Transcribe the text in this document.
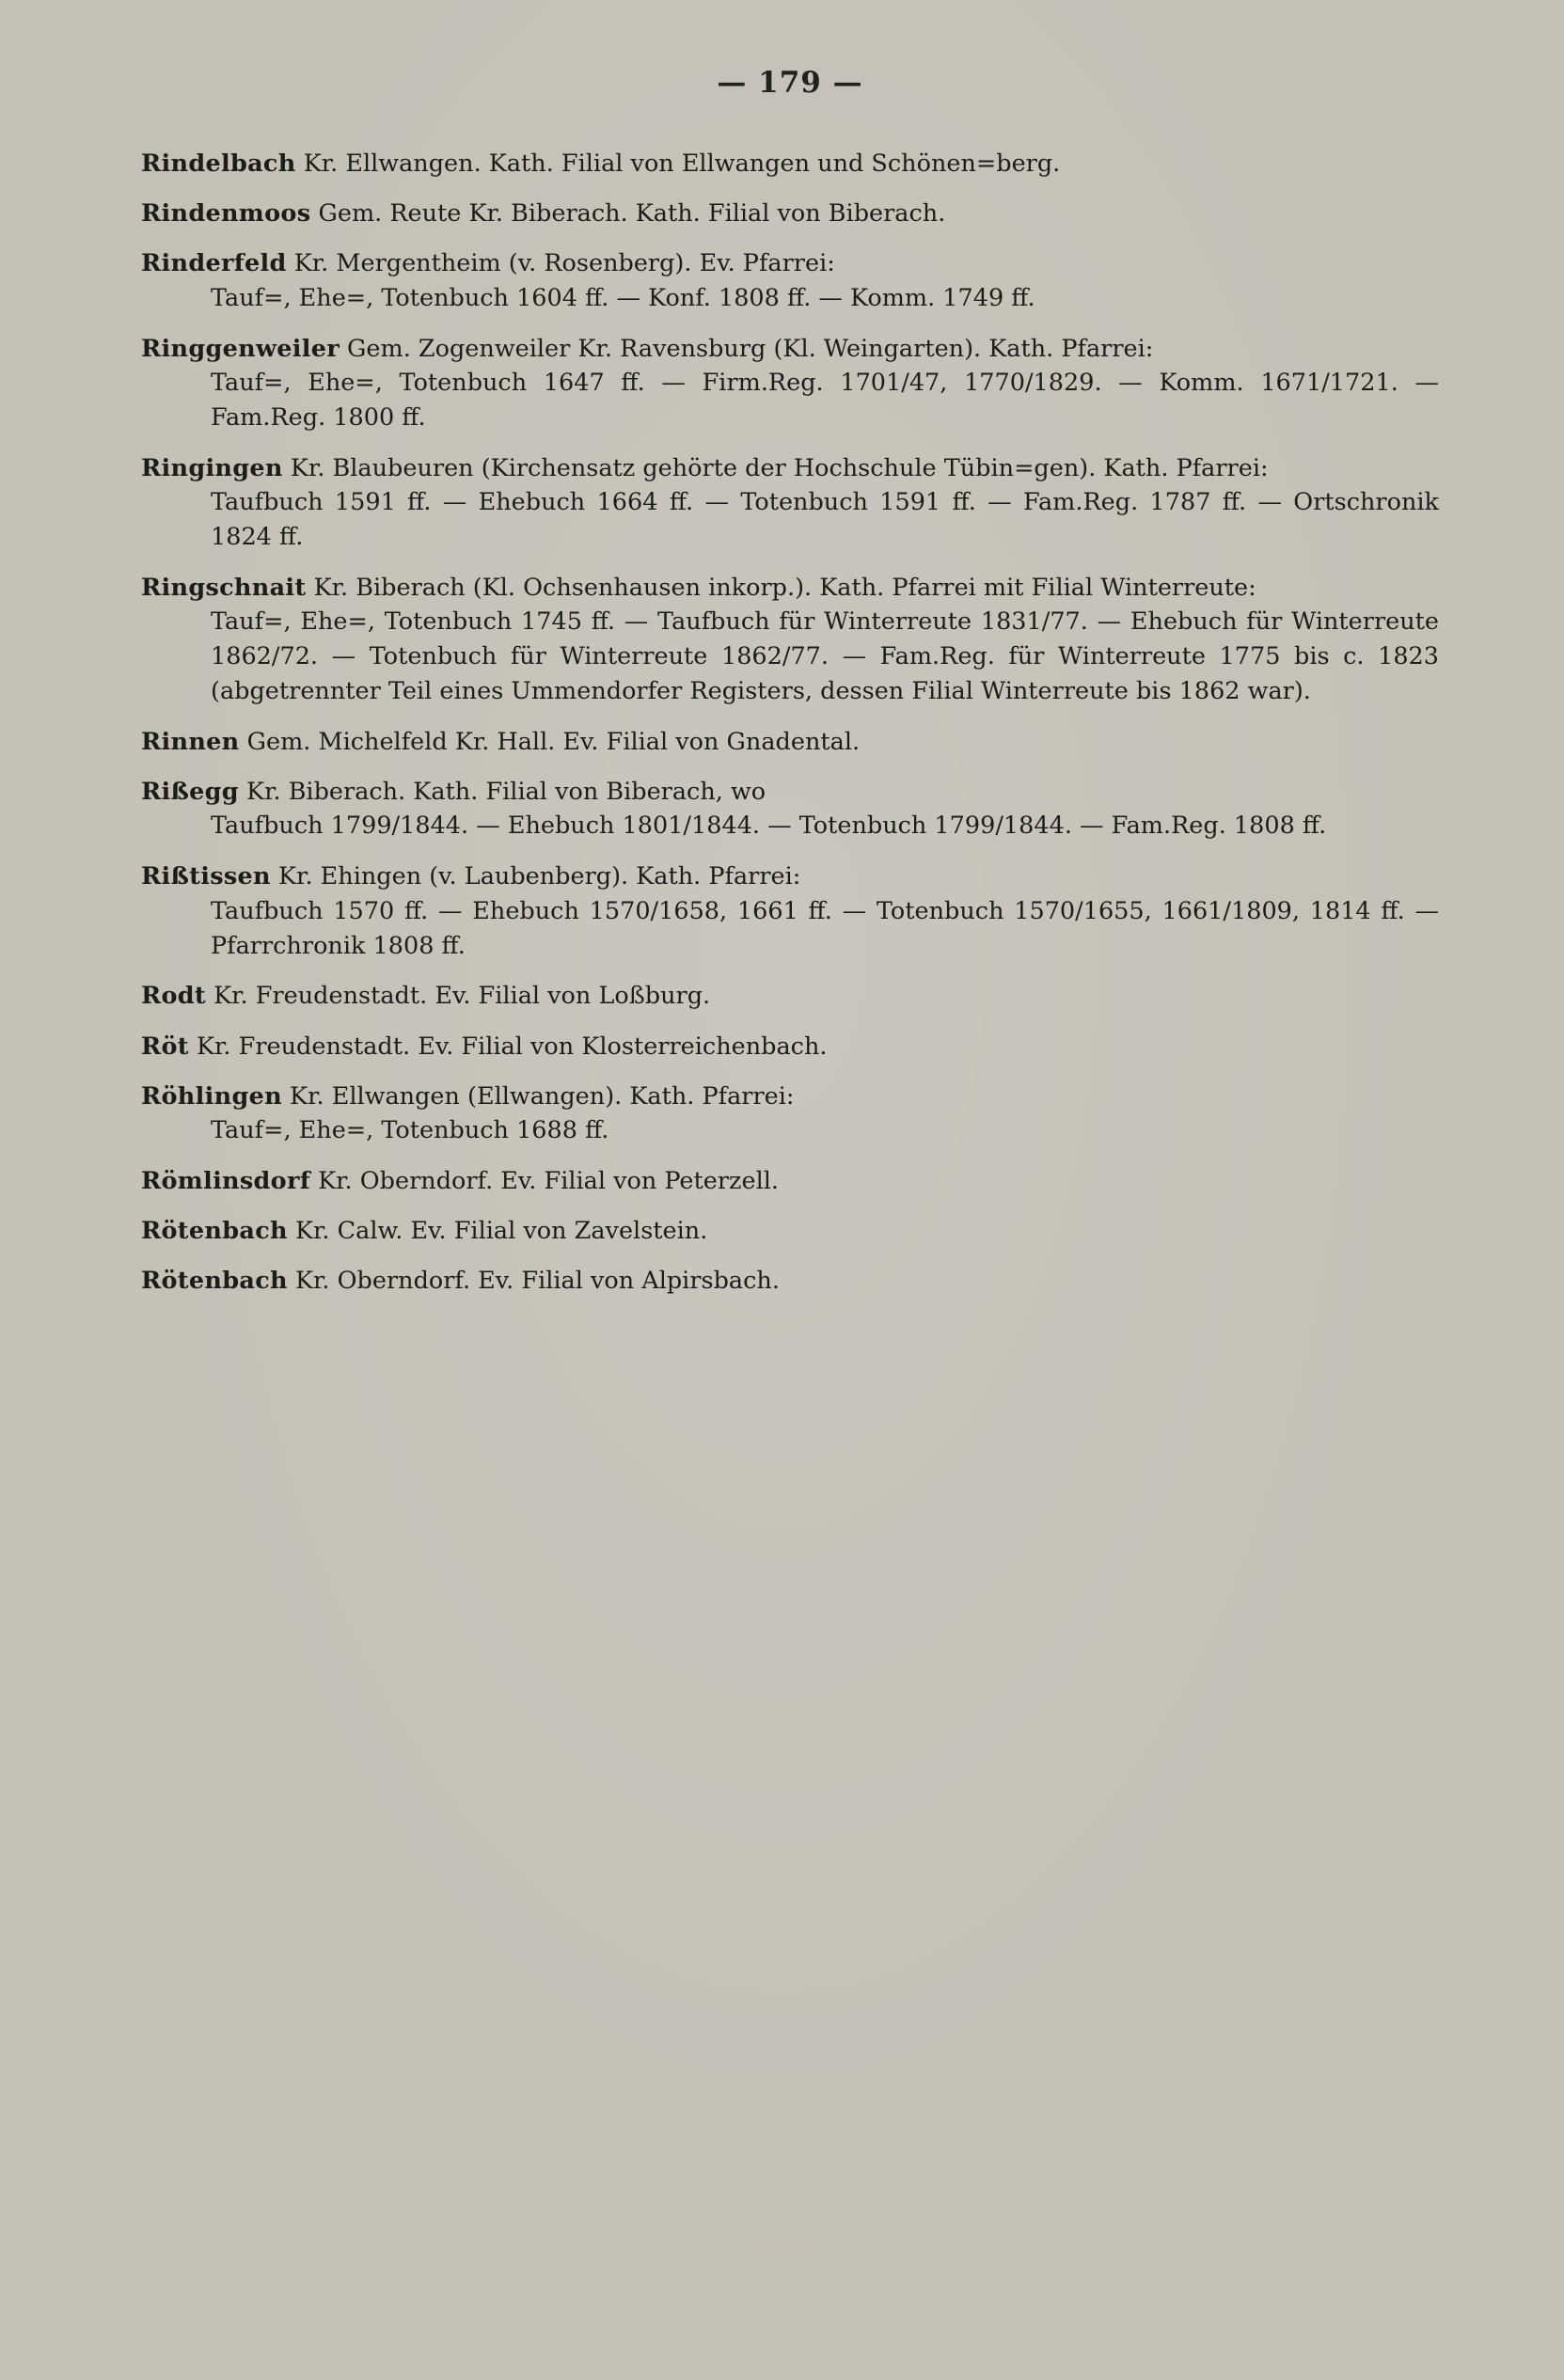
— 179 —
Rindelbach Kr. Ellwangen. Kath. Filial von Ellwangen und Schönen=berg.
Rindenmoos Gem. Reute Kr. Biberach. Kath. Filial von Biberach.
Rinderfeld Kr. Mergentheim (v. Rosenberg). Ev. Pfarrei:
Tauf=, Ehe=, Totenbuch 1604 ff. — Konf. 1808 ff. — Komm. 1749 ff.
Ringgenweiler Gem. Zogenweiler Kr. Ravensburg (Kl. Weingarten). Kath. Pfarrei:
Tauf=, Ehe=, Totenbuch 1647 ff. — Firm.Reg. 1701/47, 1770/1829. — Komm. 1671/1721. — Fam.Reg. 1800 ff.
Ringingen Kr. Blaubeuren (Kirchensatz gehörte der Hochschule Tübin=gen). Kath. Pfarrei:
Taufbuch 1591 ff. — Ehebuch 1664 ff. — Totenbuch 1591 ff. — Fam.Reg. 1787 ff. — Ortschronik 1824 ff.
Ringschnait Kr. Biberach (Kl. Ochsenhausen inkorp.). Kath. Pfarrei mit Filial Winterreute:
Tauf=, Ehe=, Totenbuch 1745 ff. — Taufbuch für Winterreute 1831/77. — Ehebuch für Winterreute 1862/72. — Totenbuch für Winterreute 1862/77. — Fam.Reg. für Winterreute 1775 bis c. 1823 (abgetrennter Teil eines Ummendorfer Registers, dessen Filial Winterreute bis 1862 war).
Rinnen Gem. Michelfeld Kr. Hall. Ev. Filial von Gnadental.
Rißegg Kr. Biberach. Kath. Filial von Biberach, wo
Taufbuch 1799/1844. — Ehebuch 1801/1844. — Totenbuch 1799/1844. — Fam.Reg. 1808 ff.
Rißtissen Kr. Ehingen (v. Laubenberg). Kath. Pfarrei:
Taufbuch 1570 ff. — Ehebuch 1570/1658, 1661 ff. — Totenbuch 1570/1655, 1661/1809, 1814 ff. — Pfarrchronik 1808 ff.
Rodt Kr. Freudenstadt. Ev. Filial von Loßburg.
Röt Kr. Freudenstadt. Ev. Filial von Klosterreichenbach.
Röhlingen Kr. Ellwangen (Ellwangen). Kath. Pfarrei:
Tauf=, Ehe=, Totenbuch 1688 ff.
Römlinsdorf Kr. Oberndorf. Ev. Filial von Peterzell.
Rötenbach Kr. Calw. Ev. Filial von Zavelstein.
Rötenbach Kr. Oberndorf. Ev. Filial von Alpirsbach.
